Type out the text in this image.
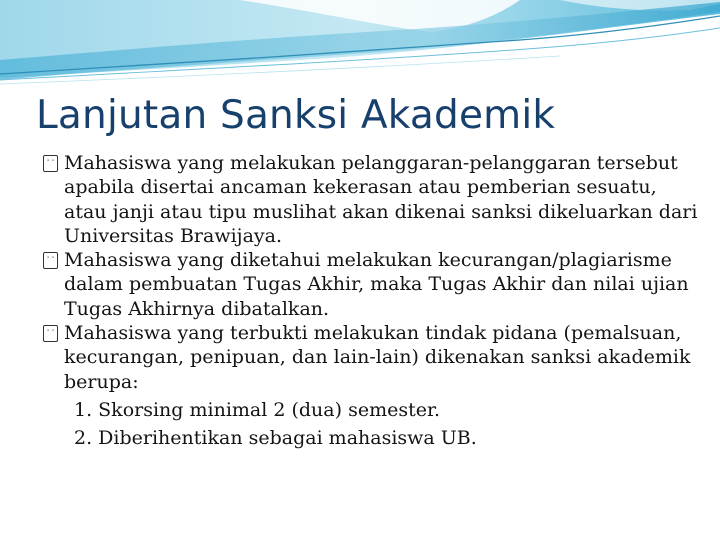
Lanjutan Sanksi Akademik
⋅⋅ Mahasiswa yang melakukan pelanggaran-pelanggaran tersebut apabila disertai ancaman kekerasan atau pemberian sesuatu, atau janji atau tipu muslihat akan dikenai sanksi dikeluarkan dari Universitas Brawijaya.
⋅⋅ Mahasiswa yang diketahui melakukan kecurangan/plagiarisme dalam pembuatan Tugas Akhir, maka Tugas Akhir dan nilai ujian Tugas Akhirnya dibatalkan.
⋅⋅ Mahasiswa yang terbukti melakukan tindak pidana (pemalsuan, kecurangan, penipuan, dan lain-lain) dikenakan sanksi akademik berupa:
1. Skorsing minimal 2 (dua) semester.
2. Diberihentikan sebagai mahasiswa UB.
